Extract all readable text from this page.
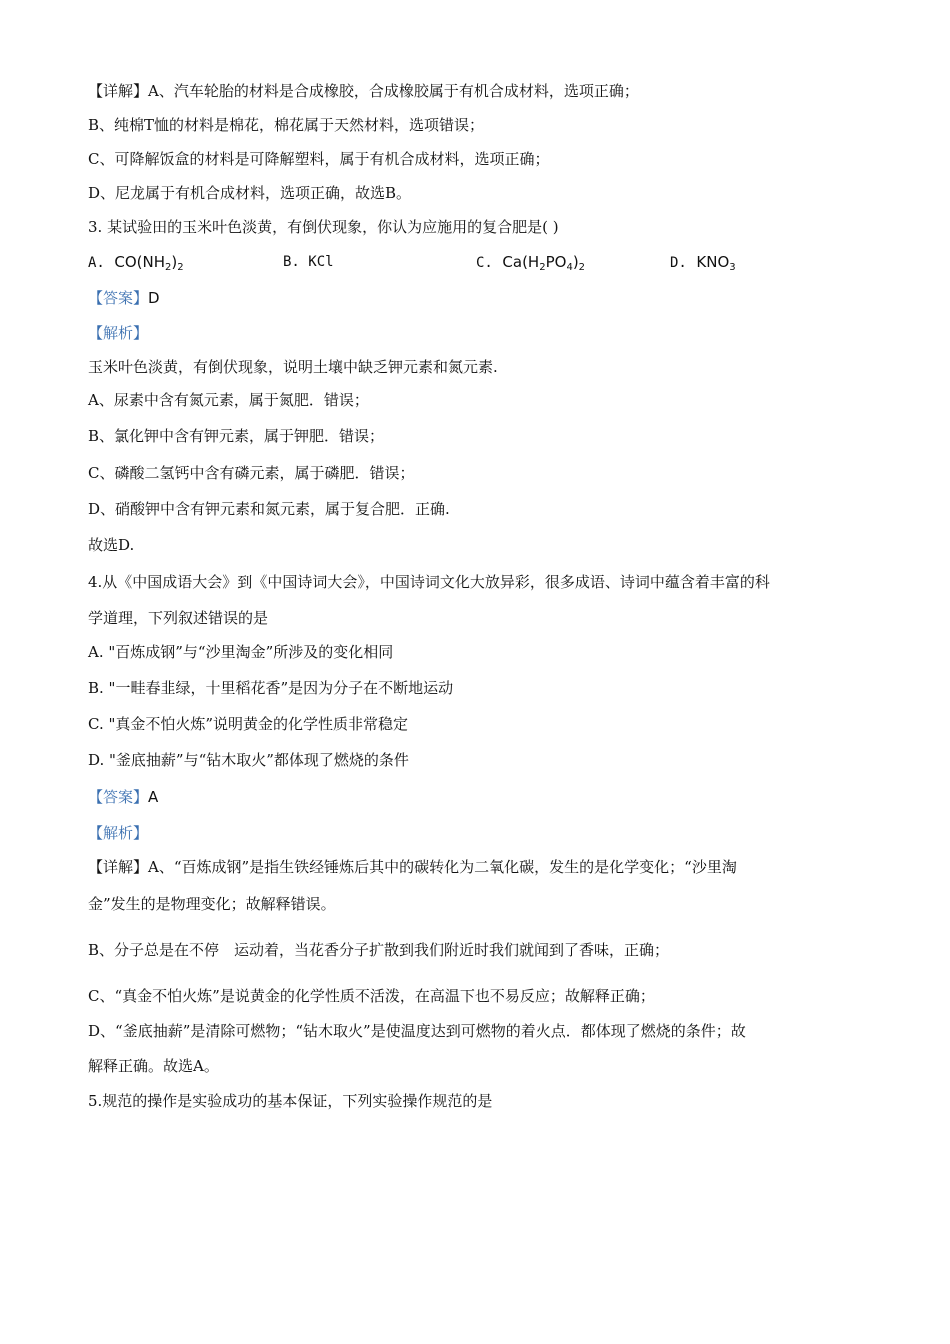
【详解】A、汽车轮胎的材料是合成橡胶，合成橡胶属于有机合成材料，选项正确；
B、纯棉T恤的材料是棉花，棉花属于天然材料，选项错误；
C、可降解饭盒的材料是可降解塑料，属于有机合成材料，选项正确；
D、尼龙属于有机合成材料，选项正确，故选B。
3. 某试验田的玉米叶色淡黄，有倒伏现象，你认为应施用的复合肥是( )
A. $CO(NH_2)_2$	B. KCl	C. $Ca(H_2PO_4)_2$	D. $KNO_3$
【答案】D
【解析】
玉米叶色淡黄，有倒伏现象，说明土壤中缺乏钾元素和氮元素.
A、尿素中含有氮元素，属于氮肥．错误；
B、氯化钾中含有钾元素，属于钾肥．错误；
C、磷酸二氢钙中含有磷元素，属于磷肥．错误；
D、硝酸钾中含有钾元素和氮元素，属于复合肥．正确.
故选D.
4.从《中国成语大会》到《中国诗词大会》，中国诗词文化大放异彩，很多成语、诗词中蕴含着丰富的科
学道理，下列叙述错误的是
A. "百炼成钢”与“沙里淘金”所涉及的变化相同
B. "一畦春韭绿，十里稻花香”是因为分子在不断地运动
C. "真金不怕火炼”说明黄金的化学性质非常稳定
D. "釜底抽薪”与“钻木取火”都体现了燃烧的条件
【答案】A
【解析】
【详解】A、“百炼成钢”是指生铁经锤炼后其中的碳转化为二氧化碳，发生的是化学变化；“沙里淘
金”发生的是物理变化；故解释错误。
B、分子总是在不停　运动着，当花香分子扩散到我们附近时我们就闻到了香味，正确；
C、“真金不怕火炼”是说黄金的化学性质不活泼，在高温下也不易反应；故解释正确；
D、“釜底抽薪”是清除可燃物；“钻木取火”是使温度达到可燃物的着火点．都体现了燃烧的条件；故
解释正确。故选A。
5.规范的操作是实验成功的基本保证，下列实验操作规范的是
